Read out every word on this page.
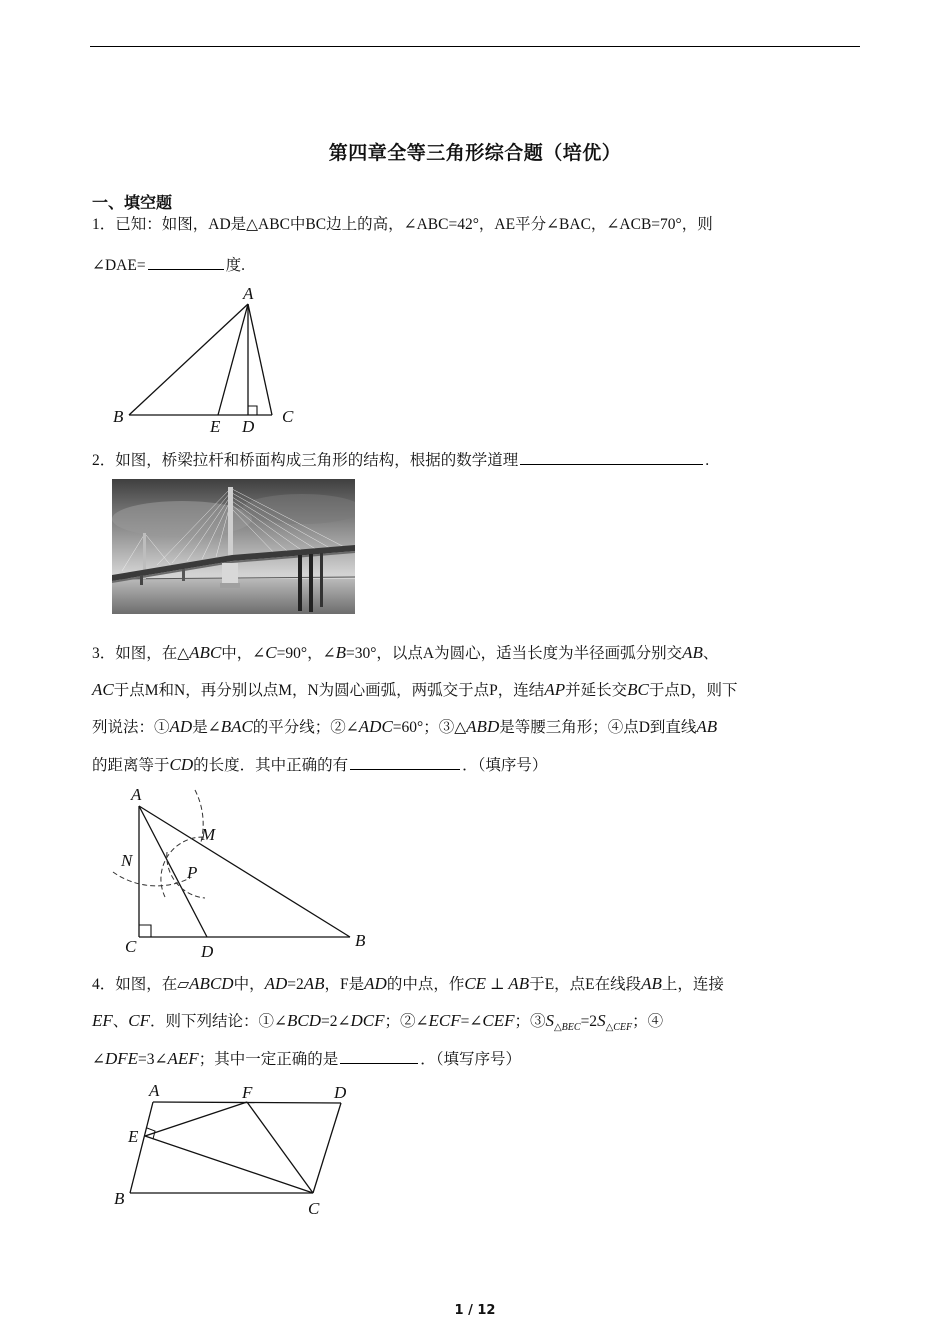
第四章全等三角形综合题（培优）
一、填空题
1．已知：如图，AD是△ABC中BC边上的高，∠ABC=42°，AE平分∠BAC，∠ACB=70°，则
∠DAE=	度.
A
B	C
D
E
2．如图，桥梁拉杆和桥面构成三角形的结构，根据的数学道理	.
3．如图，在△ABC中，∠C=90°，∠B=30°，以点A为圆心，适当长度为半径画弧分别交AB、
AC于点M和N，再分别以点M，N为圆心画弧，两弧交于点P，连结AP并延长交BC于点D，则下
列说法：①AD是∠BAC的平分线；②∠ADC=60°；③△ABD是等腰三角形；④点D到直线AB
的距离等于CD的长度．其中正确的有	．（填序号）
A
M
N
P
C	D
B
4．如图，在▱ABCD中，AD=2AB，F是AD的中点，作CE ⊥ AB于E，点E在线段AB上，连接
EF、CF．则下列结论：①∠BCD=2∠DCF；②∠ECF=∠CEF；$③S_{\triangle BEC}=2S_{\triangle CEF}$；④
∠DFE=3∠AEF；其中一定正确的是	．（填写序号）
A	F	D
E
B
C
1 / 12
